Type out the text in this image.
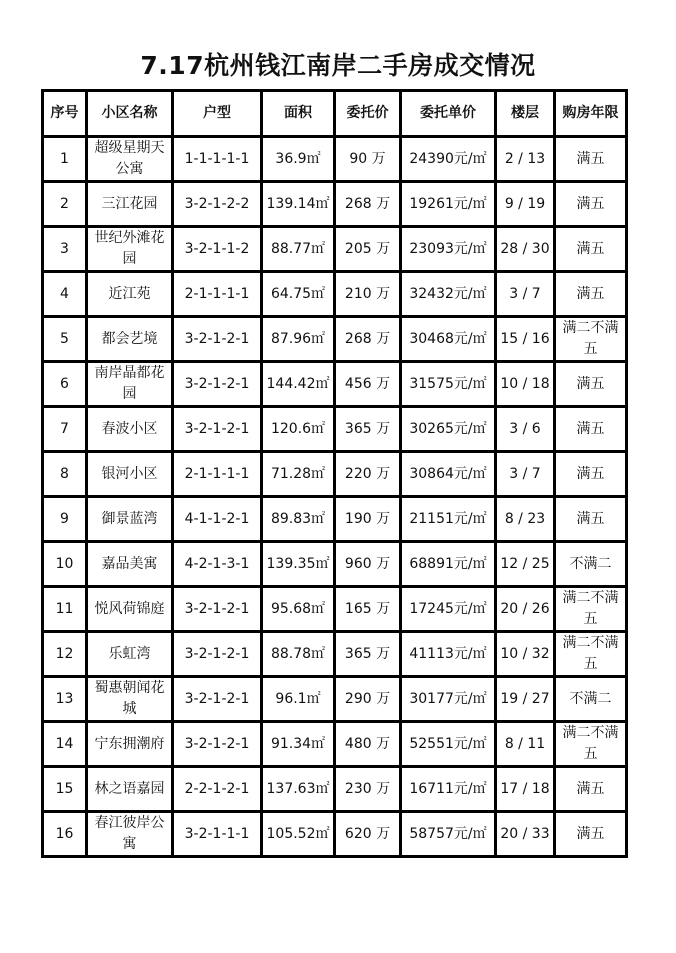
7.17杭州钱江南岸二手房成交情况
序号	小区名称	户型	面积	委托价	委托单价	楼层	购房年限
1	超级星期天公寓	1-1-1-1-1	36.9㎡	90 万	24390元/㎡	2 / 13	满五
2	三江花园	3-2-1-2-2	139.14㎡	268 万	19261元/㎡	9 / 19	满五
3	世纪外滩花园	3-2-1-1-2	88.77㎡	205 万	23093元/㎡	28 / 30	满五
4	近江苑	2-1-1-1-1	64.75㎡	210 万	32432元/㎡	3 / 7	满五
5	都会艺境	3-2-1-2-1	87.96㎡	268 万	30468元/㎡	15 / 16	满二不满五
6	南岸晶都花园	3-2-1-2-1	144.42㎡	456 万	31575元/㎡	10 / 18	满五
7	春波小区	3-2-1-2-1	120.6㎡	365 万	30265元/㎡	3 / 6	满五
8	银河小区	2-1-1-1-1	71.28㎡	220 万	30864元/㎡	3 / 7	满五
9	御景蓝湾	4-1-1-2-1	89.83㎡	190 万	21151元/㎡	8 / 23	满五
10	嘉品美寓	4-2-1-3-1	139.35㎡	960 万	68891元/㎡	12 / 25	不满二
11	悦风荷锦庭	3-2-1-2-1	95.68㎡	165 万	17245元/㎡	20 / 26	满二不满五
12	乐虹湾	3-2-1-2-1	88.78㎡	365 万	41113元/㎡	10 / 32	满二不满五
13	蜀惠朝闻花城	3-2-1-2-1	96.1㎡	290 万	30177元/㎡	19 / 27	不满二
14	宁东拥潮府	3-2-1-2-1	91.34㎡	480 万	52551元/㎡	8 / 11	满二不满五
15	林之语嘉园	2-2-1-2-1	137.63㎡	230 万	16711元/㎡	17 / 18	满五
16	春江彼岸公寓	3-2-1-1-1	105.52㎡	620 万	58757元/㎡	20 / 33	满五
